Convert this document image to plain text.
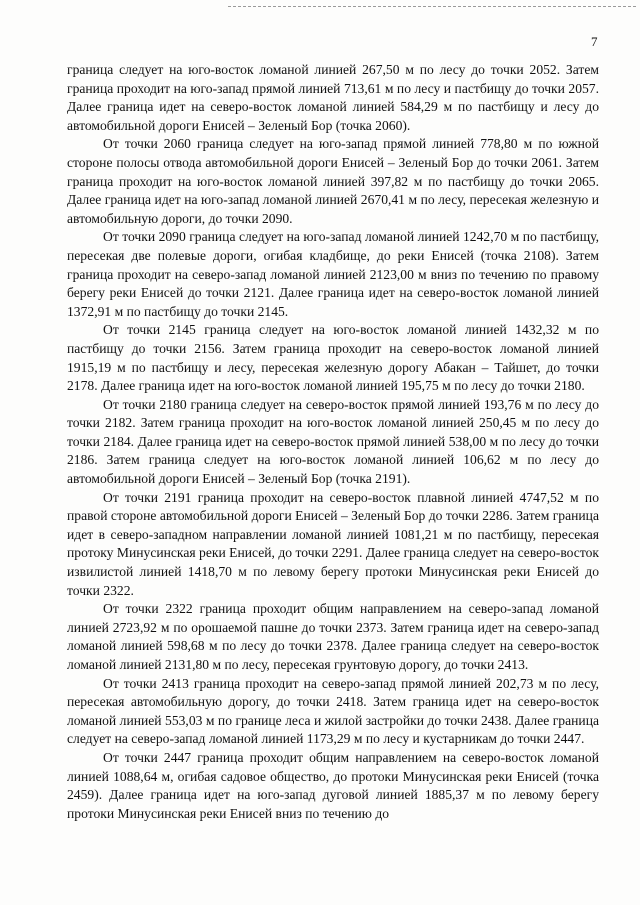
7

граница следует на юго-восток ломаной линией 267,50 м по лесу до точки 2052. Затем граница проходит на юго-запад прямой линией 713,61 м по лесу и пастбищу до точки 2057. Далее граница идет на северо-восток ломаной линией 584,29 м по пастбищу и лесу до автомобильной дороги Енисей – Зеленый Бор (точка 2060).

От точки 2060 граница следует на юго-запад прямой линией 778,80 м по южной стороне полосы отвода автомобильной дороги Енисей – Зеленый Бор до точки 2061. Затем граница проходит на юго-восток ломаной линией 397,82 м по пастбищу до точки 2065. Далее граница идет на юго-запад ломаной линией 2670,41 м по лесу, пересекая железную и автомобильную дороги, до точки 2090.

От точки 2090 граница следует на юго-запад ломаной линией 1242,70 м по пастбищу, пересекая две полевые дороги, огибая кладбище, до реки Енисей (точка 2108). Затем граница проходит на северо-запад ломаной линией 2123,00 м вниз по течению по правому берегу реки Енисей до точки 2121. Далее граница идет на северо-восток ломаной линией 1372,91 м по пастбищу до точки 2145.

От точки 2145 граница следует на юго-восток ломаной линией 1432,32 м по пастбищу до точки 2156. Затем граница проходит на северо-восток ломаной линией 1915,19 м по пастбищу и лесу, пересекая железную дорогу Абакан – Тайшет, до точки 2178. Далее граница идет на юго-восток ломаной линией 195,75 м по лесу до точки 2180.

От точки 2180 граница следует на северо-восток прямой линией 193,76 м по лесу до точки 2182. Затем граница проходит на юго-восток ломаной линией 250,45 м по лесу до точки 2184. Далее граница идет на северо-восток прямой линией 538,00 м по лесу до точки 2186. Затем граница следует на юго-восток ломаной линией 106,62 м по лесу до автомобильной дороги Енисей – Зеленый Бор (точка 2191).

От точки 2191 граница проходит на северо-восток плавной линией 4747,52 м по правой стороне автомобильной дороги Енисей – Зеленый Бор до точки 2286. Затем граница идет в северо-западном направлении ломаной линией 1081,21 м по пастбищу, пересекая протоку Минусинская реки Енисей, до точки 2291. Далее граница следует на северо-восток извилистой линией 1418,70 м по левому берегу протоки Минусинская реки Енисей до точки 2322.

От точки 2322 граница проходит общим направлением на северо-запад ломаной линией 2723,92 м по орошаемой пашне до точки 2373. Затем граница идет на северо-запад ломаной линией 598,68 м по лесу до точки 2378. Далее граница следует на северо-восток ломаной линией 2131,80 м по лесу, пересекая грунтовую дорогу, до точки 2413.

От точки 2413 граница проходит на северо-запад прямой линией 202,73 м по лесу, пересекая автомобильную дорогу, до точки 2418. Затем граница идет на северо-восток ломаной линией 553,03 м по границе леса и жилой застройки до точки 2438. Далее граница следует на северо-запад ломаной линией 1173,29 м по лесу и кустарникам до точки 2447.

От точки 2447 граница проходит общим направлением на северо-восток ломаной линией 1088,64 м, огибая садовое общество, до протоки Минусинская реки Енисей (точка 2459). Далее граница идет на юго-запад дуговой линией 1885,37 м по левому берегу протоки Минусинская реки Енисей вниз по течению до
